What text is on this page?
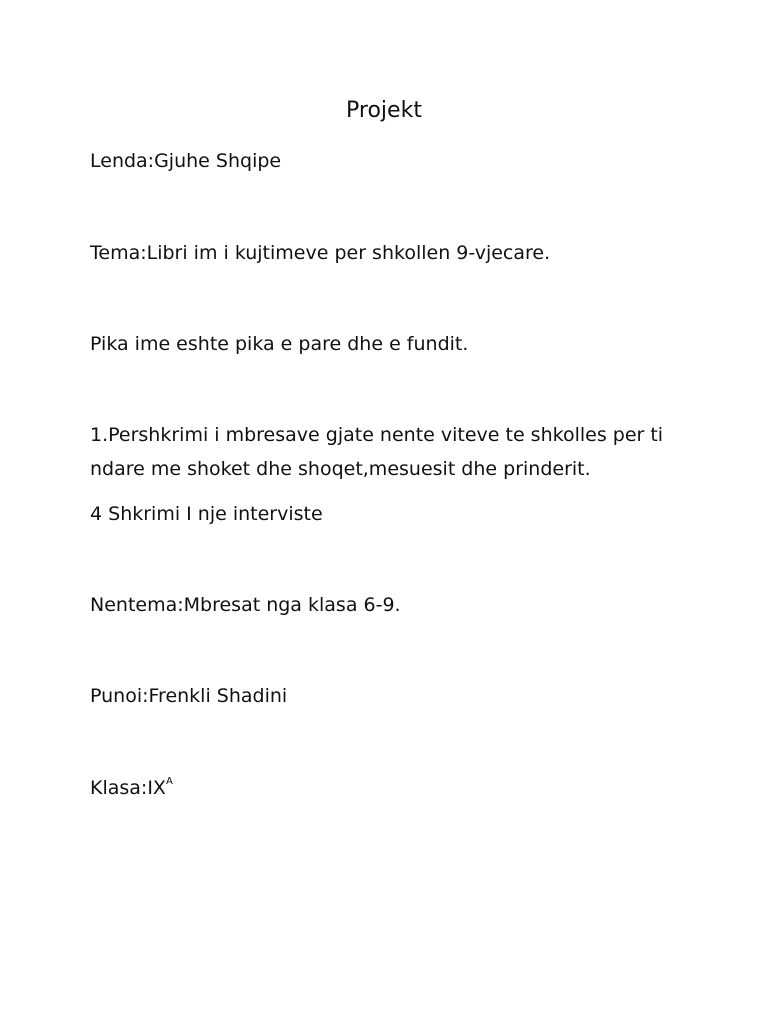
Projekt

Lenda:Gjuhe Shqipe

Tema:Libri im i kujtimeve per shkollen 9-vjecare.

Pika ime eshte pika e pare dhe e fundit.

1.Pershkrimi i mbresave gjate nente viteve te shkolles per ti

ndare me shoket dhe shoqet,mesuesit dhe prinderit.

4 Shkrimi I nje interviste

Nentema:Mbresat nga klasa 6-9.

Punoi:Frenkli Shadini

$Klasa:IX^A$
